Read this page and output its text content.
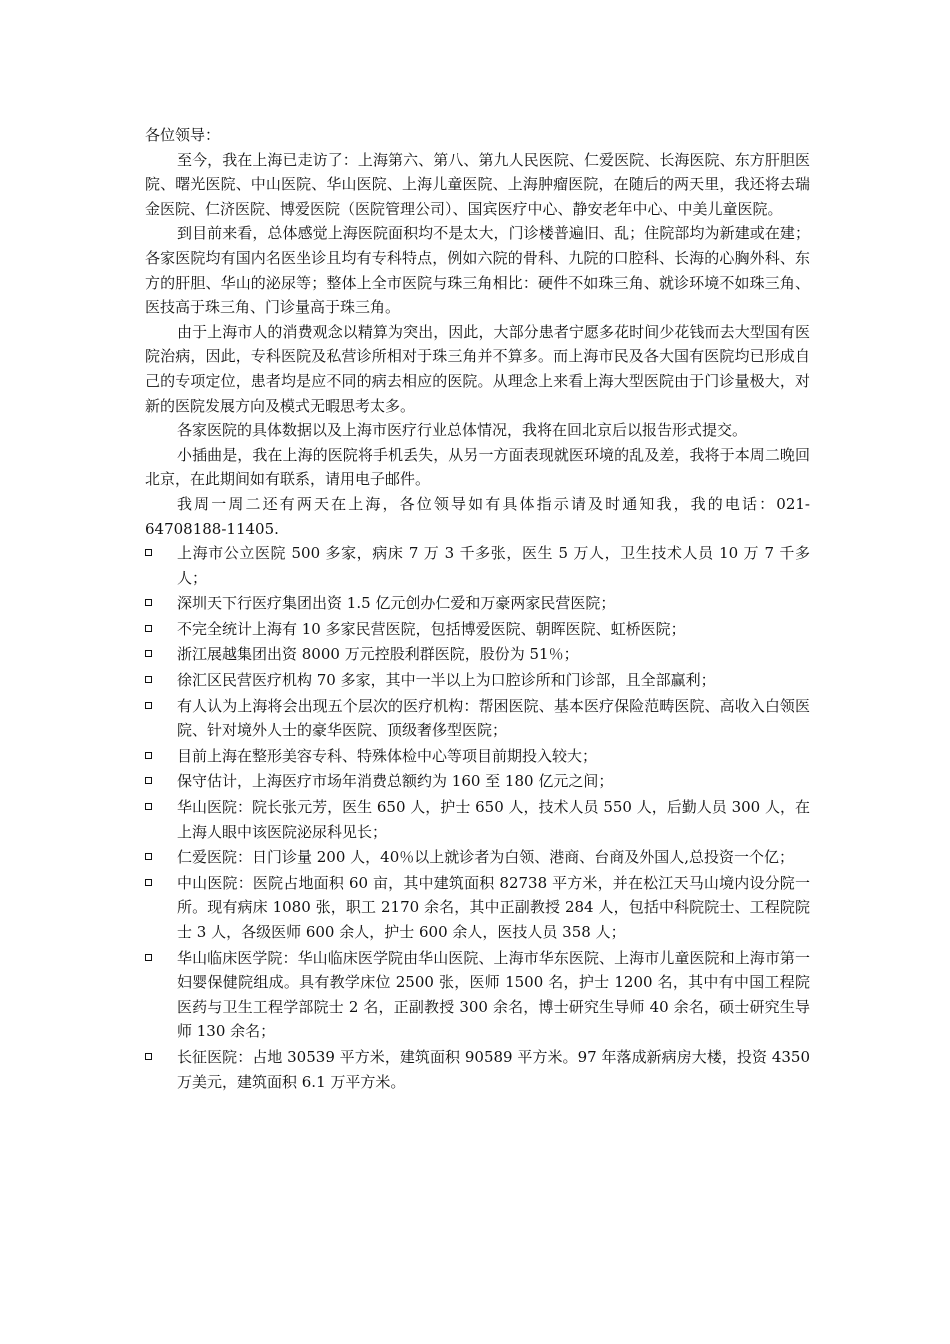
各位领导：

至今，我在上海已走访了：上海第六、第八、第九人民医院、仁爱医院、长海医院、东方肝胆医院、曙光医院、中山医院、华山医院、上海儿童医院、上海肿瘤医院，在随后的两天里，我还将去瑞金医院、仁济医院、博爱医院（医院管理公司）、国宾医疗中心、静安老年中心、中美儿童医院。

到目前来看，总体感觉上海医院面积均不是太大，门诊楼普遍旧、乱；住院部均为新建或在建；各家医院均有国内名医坐诊且均有专科特点，例如六院的骨科、九院的口腔科、长海的心胸外科、东方的肝胆、华山的泌尿等；整体上全市医院与珠三角相比：硬件不如珠三角、就诊环境不如珠三角、医技高于珠三角、门诊量高于珠三角。

由于上海市人的消费观念以精算为突出，因此，大部分患者宁愿多花时间少花钱而去大型国有医院治病，因此，专科医院及私营诊所相对于珠三角并不算多。而上海市民及各大国有医院均已形成自己的专项定位，患者均是应不同的病去相应的医院。从理念上来看上海大型医院由于门诊量极大，对新的医院发展方向及模式无暇思考太多。

各家医院的具体数据以及上海市医疗行业总体情况，我将在回北京后以报告形式提交。

小插曲是，我在上海的医院将手机丢失，从另一方面表现就医环境的乱及差，我将于本周二晚回北京，在此期间如有联系，请用电子邮件。

我周一周二还有两天在上海，各位领导如有具体指示请及时通知我，我的电话：021-64708188-11405.

上海市公立医院 500 多家，病床 7 万 3 千多张，医生 5 万人，卫生技术人员 10 万 7 千多人；
深圳天下行医疗集团出资 1.5 亿元创办仁爱和万豪两家民营医院；
不完全统计上海有 10 多家民营医院，包括博爱医院、朝晖医院、虹桥医院；
浙江展越集团出资 8000 万元控股利群医院，股份为 51％；
徐汇区民营医疗机构 70 多家，其中一半以上为口腔诊所和门诊部，且全部赢利；
有人认为上海将会出现五个层次的医疗机构：帮困医院、基本医疗保险范畴医院、高收入白领医院、针对境外人士的豪华医院、顶级奢侈型医院；
目前上海在整形美容专科、特殊体检中心等项目前期投入较大；
保守估计，上海医疗市场年消费总额约为 160 至 180 亿元之间；
华山医院：院长张元芳，医生 650 人，护士 650 人，技术人员 550 人，后勤人员 300 人，在上海人眼中该医院泌尿科见长；
仁爱医院：日门诊量 200 人，40％以上就诊者为白领、港商、台商及外国人,总投资一个亿；
中山医院：医院占地面积 60 亩，其中建筑面积 82738 平方米，并在松江天马山境内设分院一所。现有病床 1080 张，职工 2170 余名，其中正副教授 284 人，包括中科院院士、工程院院士 3 人，各级医师 600 余人，护士 600 余人，医技人员 358 人；
华山临床医学院：华山临床医学院由华山医院、上海市华东医院、上海市儿童医院和上海市第一妇婴保健院组成。具有教学床位 2500 张，医师 1500 名，护士 1200 名，其中有中国工程院医药与卫生工程学部院士 2 名，正副教授 300 余名，博士研究生导师 40 余名，硕士研究生导师 130 余名；
长征医院：占地 30539 平方米，建筑面积 90589 平方米。97 年落成新病房大楼，投资 4350 万美元，建筑面积 6.1 万平方米。
